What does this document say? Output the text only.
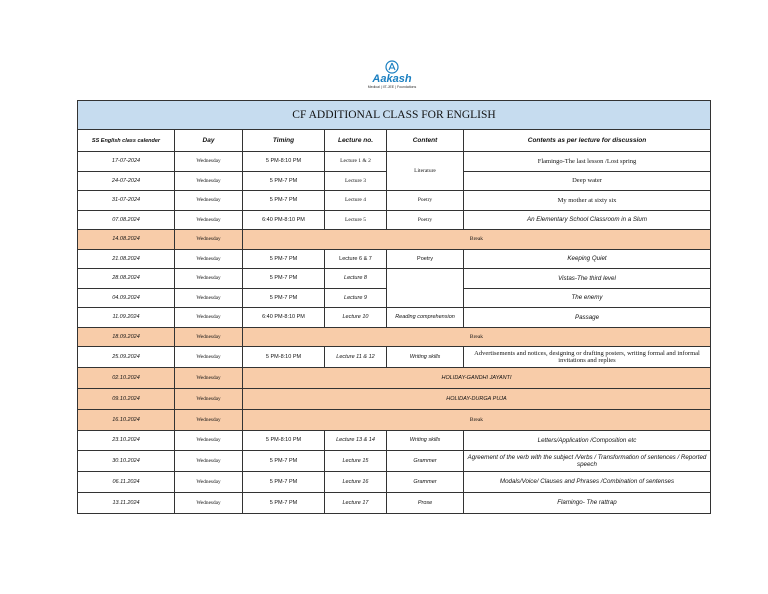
Aakash
Medical | IIT-JEE | Foundations
CF ADDITIONAL CLASS FOR ENGLISH					
SS English class calender	Day	Timing	Lecture no.	Content	Contents as per lecture for discussion
17-07-2024	Wednesday	5 PM-8:10 PM	Lecture 1 & 2	Literature	Flamingo-The last lesson /Lost spring
24-07-2024	Wednesday	5 PM-7 PM	Lecture 3		Deep water
31-07-2024	Wednesday	5 PM-7 PM	Lecture 4	Poetry	My mother at sixty six
07.08.2024	Wednesday	6:40 PM-8:10 PM	Lecture 5	Poetry	An Elementary School Classroom in a Slum
14.08.2024	Wednesday	Break			
21.08.2024	Wednesday	5 PM-7 PM	Lecture 6 & 7	Poetry	Keeping Quiet
28.08.2024	Wednesday	5 PM-7 PM	Lecture 8		Vistas-The third level
04.09.2024	Wednesday	5 PM-7 PM	Lecture 9		The enemy
11.09.2024	Wednesday	6:40 PM-8:10 PM	Lecture 10	Reading comprehension	Passage
18.09.2024	Wednesday	Break			
25.09.2024	Wednesday	5 PM-8:10 PM	Lecture 11 & 12	Writing skills	Advertisements and notices, designing or drafting posters, writing formal and informal invitations and replies
02.10.2024	Wednesday	HOLIDAY-GANDHI JAYANTI			
09.10.2024	Wednesday	HOLIDAY-DURGA PUJA			
16.10.2024	Wednesday	Break			
23.10.2024	Wednesday	5 PM-8:10 PM	Lecture 13 & 14	Writing skills	Letters/Application /Composition etc
30.10.2024	Wednesday	5 PM-7 PM	Lecture 15	Grammer	Agreement of the verb with the subject /Verbs / Transformation of sentences / Reported speech
06.11.2024	Wednesday	5 PM-7 PM	Lecture 16	Grammer	Modals/Voice/ Clauses and Phrases /Combination of sentenses
13.11.2024	Wednesday	5 PM-7 PM	Lecture 17	Prose	Flamingo- The rattrap
